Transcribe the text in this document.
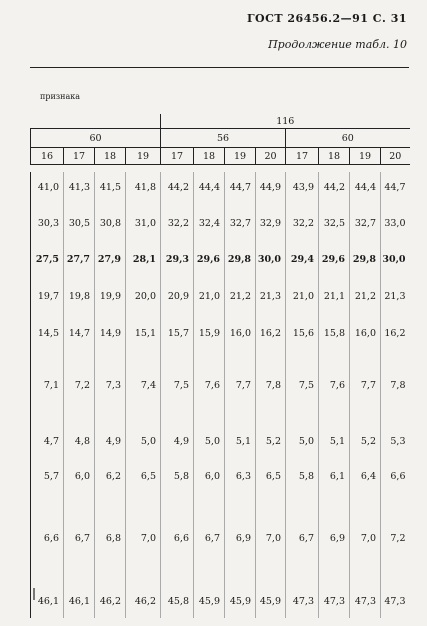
ГОСТ 26456.2—91 С. 31
Продолжение табл. 10
признака
				116							
60				56				60			
16	17	18	19	17	18	19	20	17	18	19	20
41,0	41,3	41,5	41,8	44,2	44,4	44,7	44,9	43,9	44,2	44,4	44,7
30,3	30,5	30,8	31,0	32,2	32,4	32,7	32,9	32,2	32,5	32,7	33,0
27,5	27,7	27,9	28,1	29,3	29,6	29,8	30,0	29,4	29,6	29,8	30,0
19,7	19,8	19,9	20,0	20,9	21,0	21,2	21,3	21,0	21,1	21,2	21,3
14,5	14,7	14,9	15,1	15,7	15,9	16,0	16,2	15,6	15,8	16,0	16,2
7,1	7,2	7,3	7,4	7,5	7,6	7,7	7,8	7,5	7,6	7,7	7,8
4,7	4,8	4,9	5,0	4,9	5,0	5,1	5,2	5,0	5,1	5,2	5,3
5,7	6,0	6,2	6,5	5,8	6,0	6,3	6,5	5,8	6,1	6,4	6,6
6,6	6,7	6,8	7,0	6,6	6,7	6,9	7,0	6,7	6,9	7,0	7,2
46,1	46,1	46,2	46,2	45,8	45,9	45,9	45,9	47,3	47,3	47,3	47,3
